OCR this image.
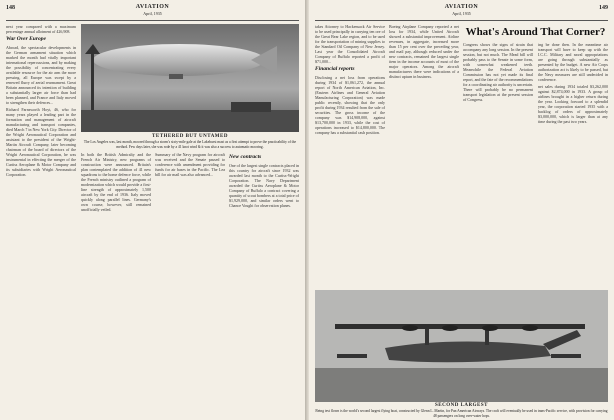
148	AVIATION
April, 1935

next year compared with a maximum percentage annual allotment of 426,908.

War Over Europe

Abroad, the spectacular developments in the German armament situation which marked the month had vitally important international repercussions, and by making the possibility of concentrating every available resource for the air arm the more pressing, all Europe was swept by a renewed flurry of aerial rearmament. Great Britain announced its intention of building a substantially larger air force than had been planned, and France and Italy moved to strengthen their defences...

Richard Farnsworth Hoyt, 46, who for many years played a leading part in the formation and management of aircraft manufacturing and transport companies, died March 7 in New York City. Director of the Wright Aeronautical Corporation and assistant to the president of the Wright-Martin Aircraft Company, later becoming chairman of the board of directors of the Wright Aeronautical Corporation, he was instrumental in effecting the merger of the Curtiss Aeroplane & Motor Company and its subsidiaries with Wright Aeronautical Corporation.

TETHERED BUT UNTAMED
The Los Angeles was, last month, moored through a storm's sixty-mile gale at the Lakehurst mast as a first attempt to prove the practicability of the method. Few days later, she was rode by a 41 knot wind & it was also a success to automatic mooring.

In both the British Admiralty and the French Air Ministry, new programs of construction were announced. Britain's plan contemplated the addition of 41 new squadrons to the home defence force, while the French ministry outlined a program of modernization which would provide a first-line strength of approximately 1,500 aircraft by the end of 1936. Italy moved quickly along parallel lines. Germany's own course, however, still remained unofficially veiled.

Summary of the Navy program for aircraft was received and the Senate passed to conference with amendment providing for funds for air bases in the Pacific. The Lea bill for air mail was also advanced...

New contracts

One of the largest single contracts placed in this country for aircraft since 1932 was awarded last month to the Curtiss-Wright Corporation. The Navy Department awarded the Curtiss Aeroplane & Motor Company of Buffalo a contract covering a quantity of scout bombers at a total price of $1,929,000, and similar orders went to Chance Vought for observation planes.

AVIATION
April, 1935
149

takes Attorney to Hackensack Air Service to be used principally in carrying ten ore of the Great Bear Lake region, and to be used for the transportation of mining supplies to the Standard Oil Company of New Jersey. Last year the Consolidated Aircraft Company of Buffalo reported a profit of $71,000...

Financial reports

Disclosing a net loss from operations during 1934 of $1,061,272, the annual report of North American Aviation, Inc. (Eastern Airlines and General Aviation Manufacturing Corporation) was made public recently, showing that the only profit during 1934 resulted from the sale of securities. The gross income of the company was $14,908,000, against $13,700,000 in 1933, while the cost of operations increased to $14,800,000. The company has a substantial cash position.

Boeing Airplane Company reported a net loss for 1934, while United Aircraft showed a substantial improvement. Airline revenues, in aggregate, increased more than 15 per cent over the preceding year, and mail pay, although reduced under the new contracts, remained the largest single item in the income accounts of most of the major operators. Among the aircraft manufacturers there were indications of a distinct upturn in business.

What's Around That Corner?

Congress shows the signs of strain that accompany any long session. In the present session, but not much. The Mead bill will probably pass to the Senate in some form, with somewhat weakened teeth. Meanwhile the Federal Aviation Commission has not yet made its final report, and the fate of the recommendations for a coordinating air authority is uncertain. There will probably be no permanent transport legislation at the present session of Congress.

ing be done then. In the meantime air transport will have to keep up with the I.C.C. Military and naval appropriations are going through substantially as presented by the budget. A new Air Corps authorization act is likely to be passed, but the Navy measures are still undecided in conference.

net sales during 1934 totaled $3,262,000 against $2,874,000 in 1933. A group of airlines brought in a higher return during the year. Looking forward to a splendid year, the corporation started 1935 with a backlog of orders of approximately $3,000,000, which is larger than at any time during the past two years.

SECOND LARGEST
Being test flown is the world's second largest flying boat, constructed by Glenn L. Martin, for Pan American Airways. The craft will eventually be used in trans-Pacific service, with provision for carrying 48 passengers on long over-water hops.
